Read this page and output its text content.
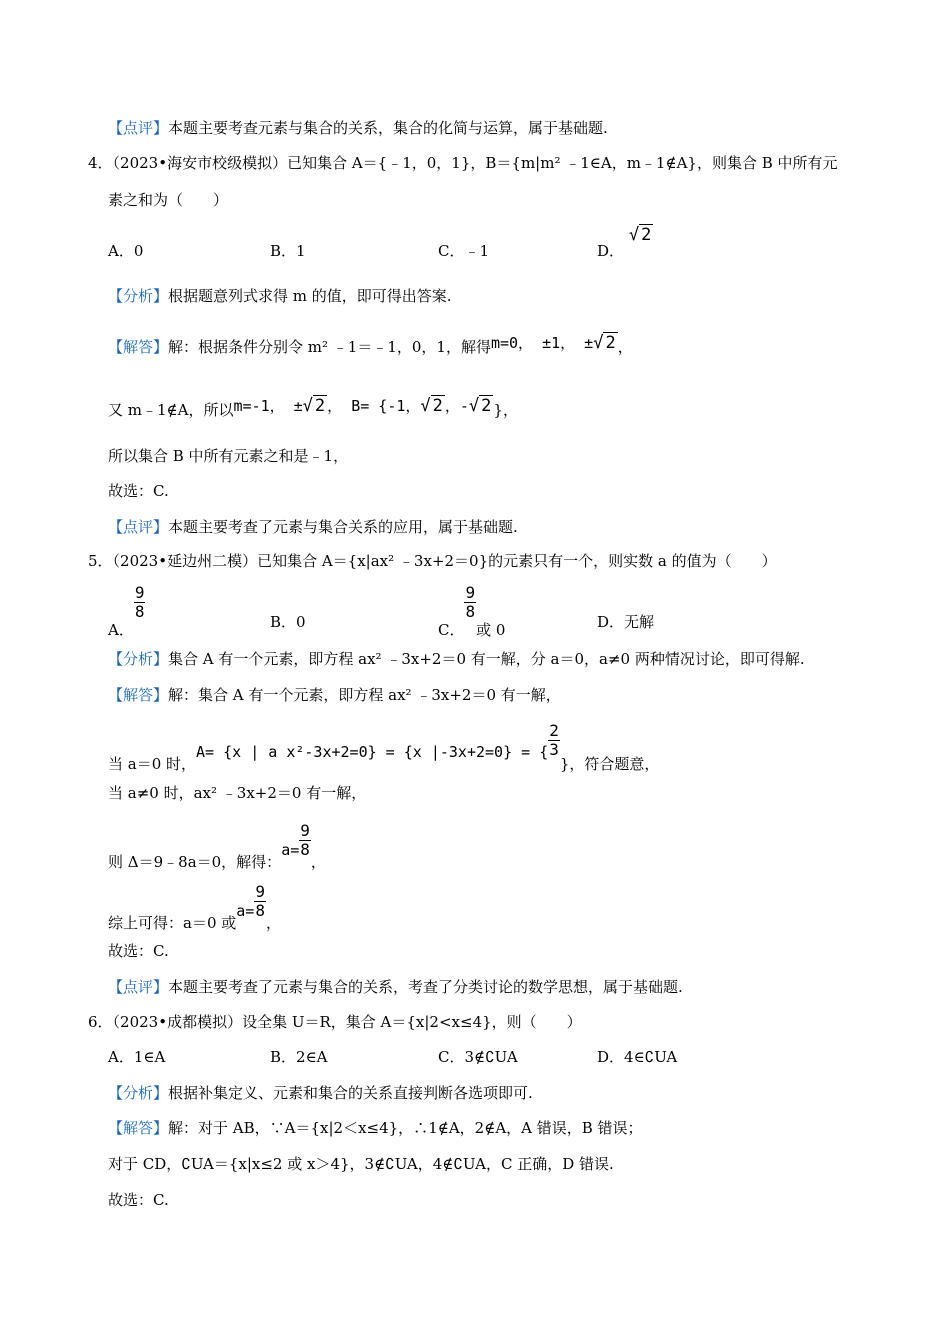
【点评】本题主要考查元素与集合的关系，集合的化简与运算，属于基础题.
4．（2023•海安市校级模拟）已知集合 A＝{﹣1，0，1}，B＝{m|m² ﹣1∈A，m﹣1∉A}，则集合 B 中所有元
素之和为（　　）
A．0	B．1	C．﹣1	D． √ 2
【分析】根据题意列式求得 m 的值，即可得出答案.
【解答】解：根据条件分别令 m² ﹣1＝﹣1，0，1，解得m=0， ±1， ±√ 2 ，
又 m﹣1∉A，所以m=-1， ±√ 2 ， B= {-1，√ 2 ，-√ 2 }，
所以集合 B 中所有元素之和是﹣1，
故选：C.
【点评】本题主要考查了元素与集合关系的应用，属于基础题.
5．（2023•延边州二模）已知集合 A＝{x|ax² ﹣3x+2＝0}的元素只有一个，则实数 a 的值为（　　）
A．
$\frac{9}{8}$
B．0	C．
$\frac{9}{8}$
或 0	D．无解
【分析】集合 A 有一个元素，即方程 ax² ﹣3x+2＝0 有一解，分 a＝0，a≠0 两种情况讨论，即可得解.
【解答】解：集合 A 有一个元素，即方程 ax² ﹣3x+2＝0 有一解，
当 a＝0 时，A= {x | a x²-3x+2=0} = {x |-3x+2=0} = { $\frac{2}{3}$
}，符合题意，
当 a≠0 时，ax² ﹣3x+2＝0 有一解，
则 Δ＝9﹣8a＝0，解得：$a= \frac{9}{8}$
，
综上可得：a＝0 或$a= \frac{9}{8}$
，
故选：C.
【点评】本题主要考查了元素与集合的关系，考查了分类讨论的数学思想，属于基础题.
6．（2023•成都模拟）设全集 U＝R，集合 A＝{x|2<x≤4}，则（　　）
A．1∈A	B．2∈A	C．3∉∁UA	D．4∈∁UA
【分析】根据补集定义、元素和集合的关系直接判断各选项即可.
【解答】解：对于 AB，∵A＝{x|2＜x≤4}，∴1∉A，2∉A，A 错误，B 错误；
对于 CD，∁UA＝{x|x≤2 或 x＞4}，3∉∁UA，4∉∁UA，C 正确，D 错误.
故选：C.
